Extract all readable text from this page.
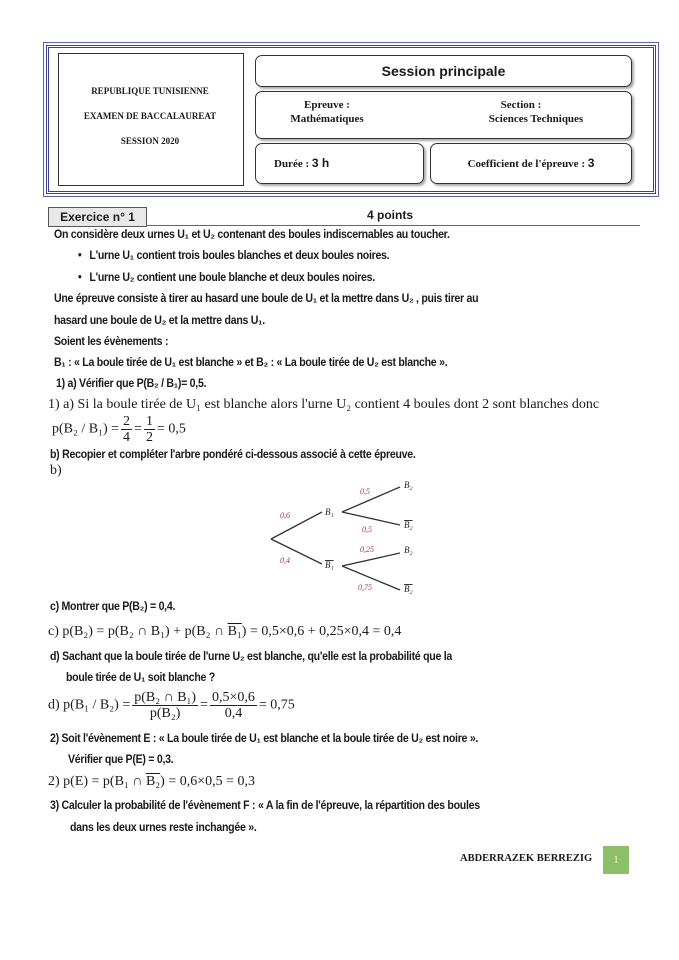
REPUBLIQUE TUNISIENNE
EXAMEN DE BACCALAUREAT
SESSION 2020
Session principale
Epreuve :
Mathématiques
Section :
Sciences Techniques
Durée : 3 h	Coefficient de l'épreuve : 3
Exercice n° 1	4 points
On considère deux urnes U₁ et U₂ contenant des boules indiscernables au toucher.
•   L'urne U₁ contient trois boules blanches et deux boules noires.
•   L'urne U₂ contient une boule blanche et deux boules noires.
Une épreuve consiste à tirer au hasard une boule de U₁ et la mettre dans U₂ , puis tirer au
hasard une boule de U₂ et la mettre dans U₁.
Soient les évènements :
B₁ : « La boule tirée de U₁ est blanche » et B₂ : « La boule tirée de U₂ est blanche ».
1) a) Vérifier que P(B₂ / B₁)= 0,5.
1) a) Si la boule tirée de U₁ est blanche alors l'urne U₂ contient 4 boules dont 2 sont blanches donc
$p(B_2 / B_1) = \frac{2}{4} = \frac{1}{2} = 0,5$
b) Recopier et compléter l'arbre pondéré ci-dessous associé à cette épreuve.
b)
0,6
0,4
0,5
0,5
0,25
0,75
B₁
B₁
B₂
B₂
B₂
B₂
c) Montrer que P(B₂) = 0,4.
c) p(B₂) = p(B₂ ∩ B₁) + p(B₂ ∩ B₁) = 0,5×0,6 + 0,25×0,4 = 0,4
d) Sachant que la boule tirée de l'urne U₂ est blanche, qu'elle est la probabilité que la
boule tirée de U₁ soit blanche ?
d) $p(B_1 / B_2) = \frac{\text{p(B₂ ∩ B₁)}}{\text{p(B₂)}} = \frac{0,5\times 0,6}{0,4} = 0,75$
2) Soit l'évènement E : « La boule tirée de U₁ est blanche et la boule tirée de U₂ est noire ».
Vérifier que P(E) = 0,3.
2) p(E) = p(B₁ ∩ B₂) = 0,6×0,5 = 0,3
3) Calculer la probabilité de l'évènement F : « A la fin de l'épreuve, la répartition des boules
dans les deux urnes reste inchangée ».
ABDERRAZEK BERREZIG	1
